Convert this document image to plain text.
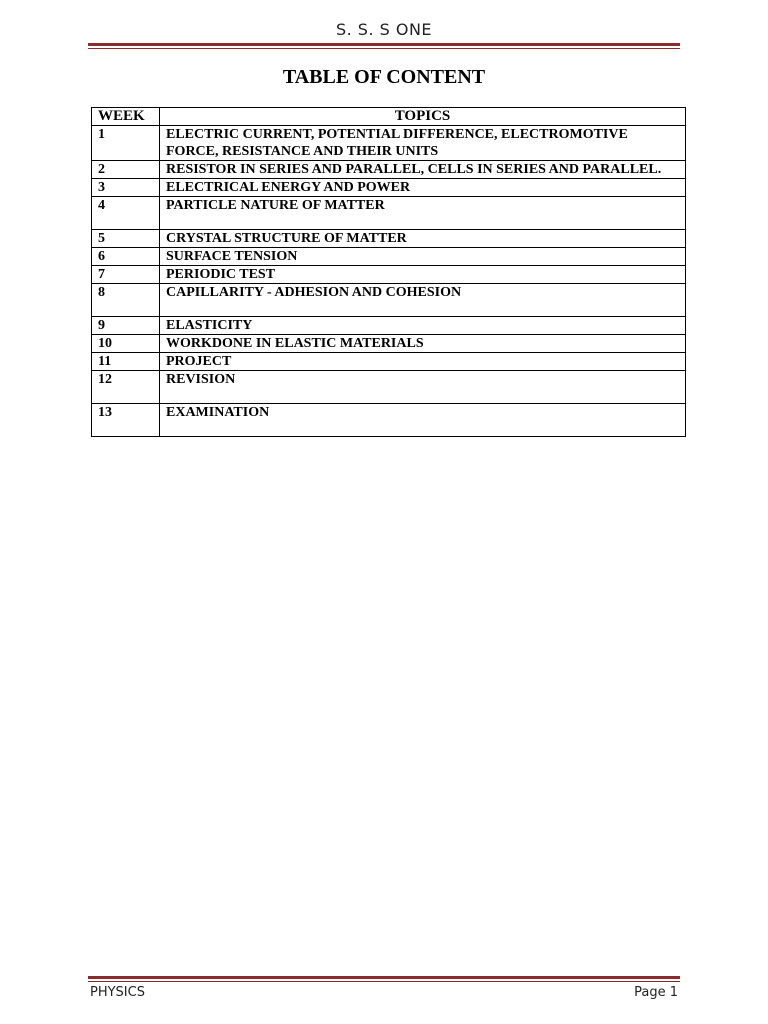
S. S. S ONE
TABLE OF CONTENT
WEEK	TOPICS
1	ELECTRIC CURRENT, POTENTIAL DIFFERENCE, ELECTROMOTIVE FORCE, RESISTANCE AND THEIR UNITS
2	RESISTOR IN SERIES AND PARALLEL, CELLS IN SERIES AND PARALLEL.
3	ELECTRICAL ENERGY AND POWER
4	PARTICLE NATURE OF MATTER
5	CRYSTAL STRUCTURE OF MATTER
6	SURFACE TENSION
7	PERIODIC TEST
8	CAPILLARITY - ADHESION AND COHESION
9	ELASTICITY
10	WORKDONE IN ELASTIC MATERIALS
11	PROJECT
12	REVISION
13	EXAMINATION
PHYSICS	Page 1
